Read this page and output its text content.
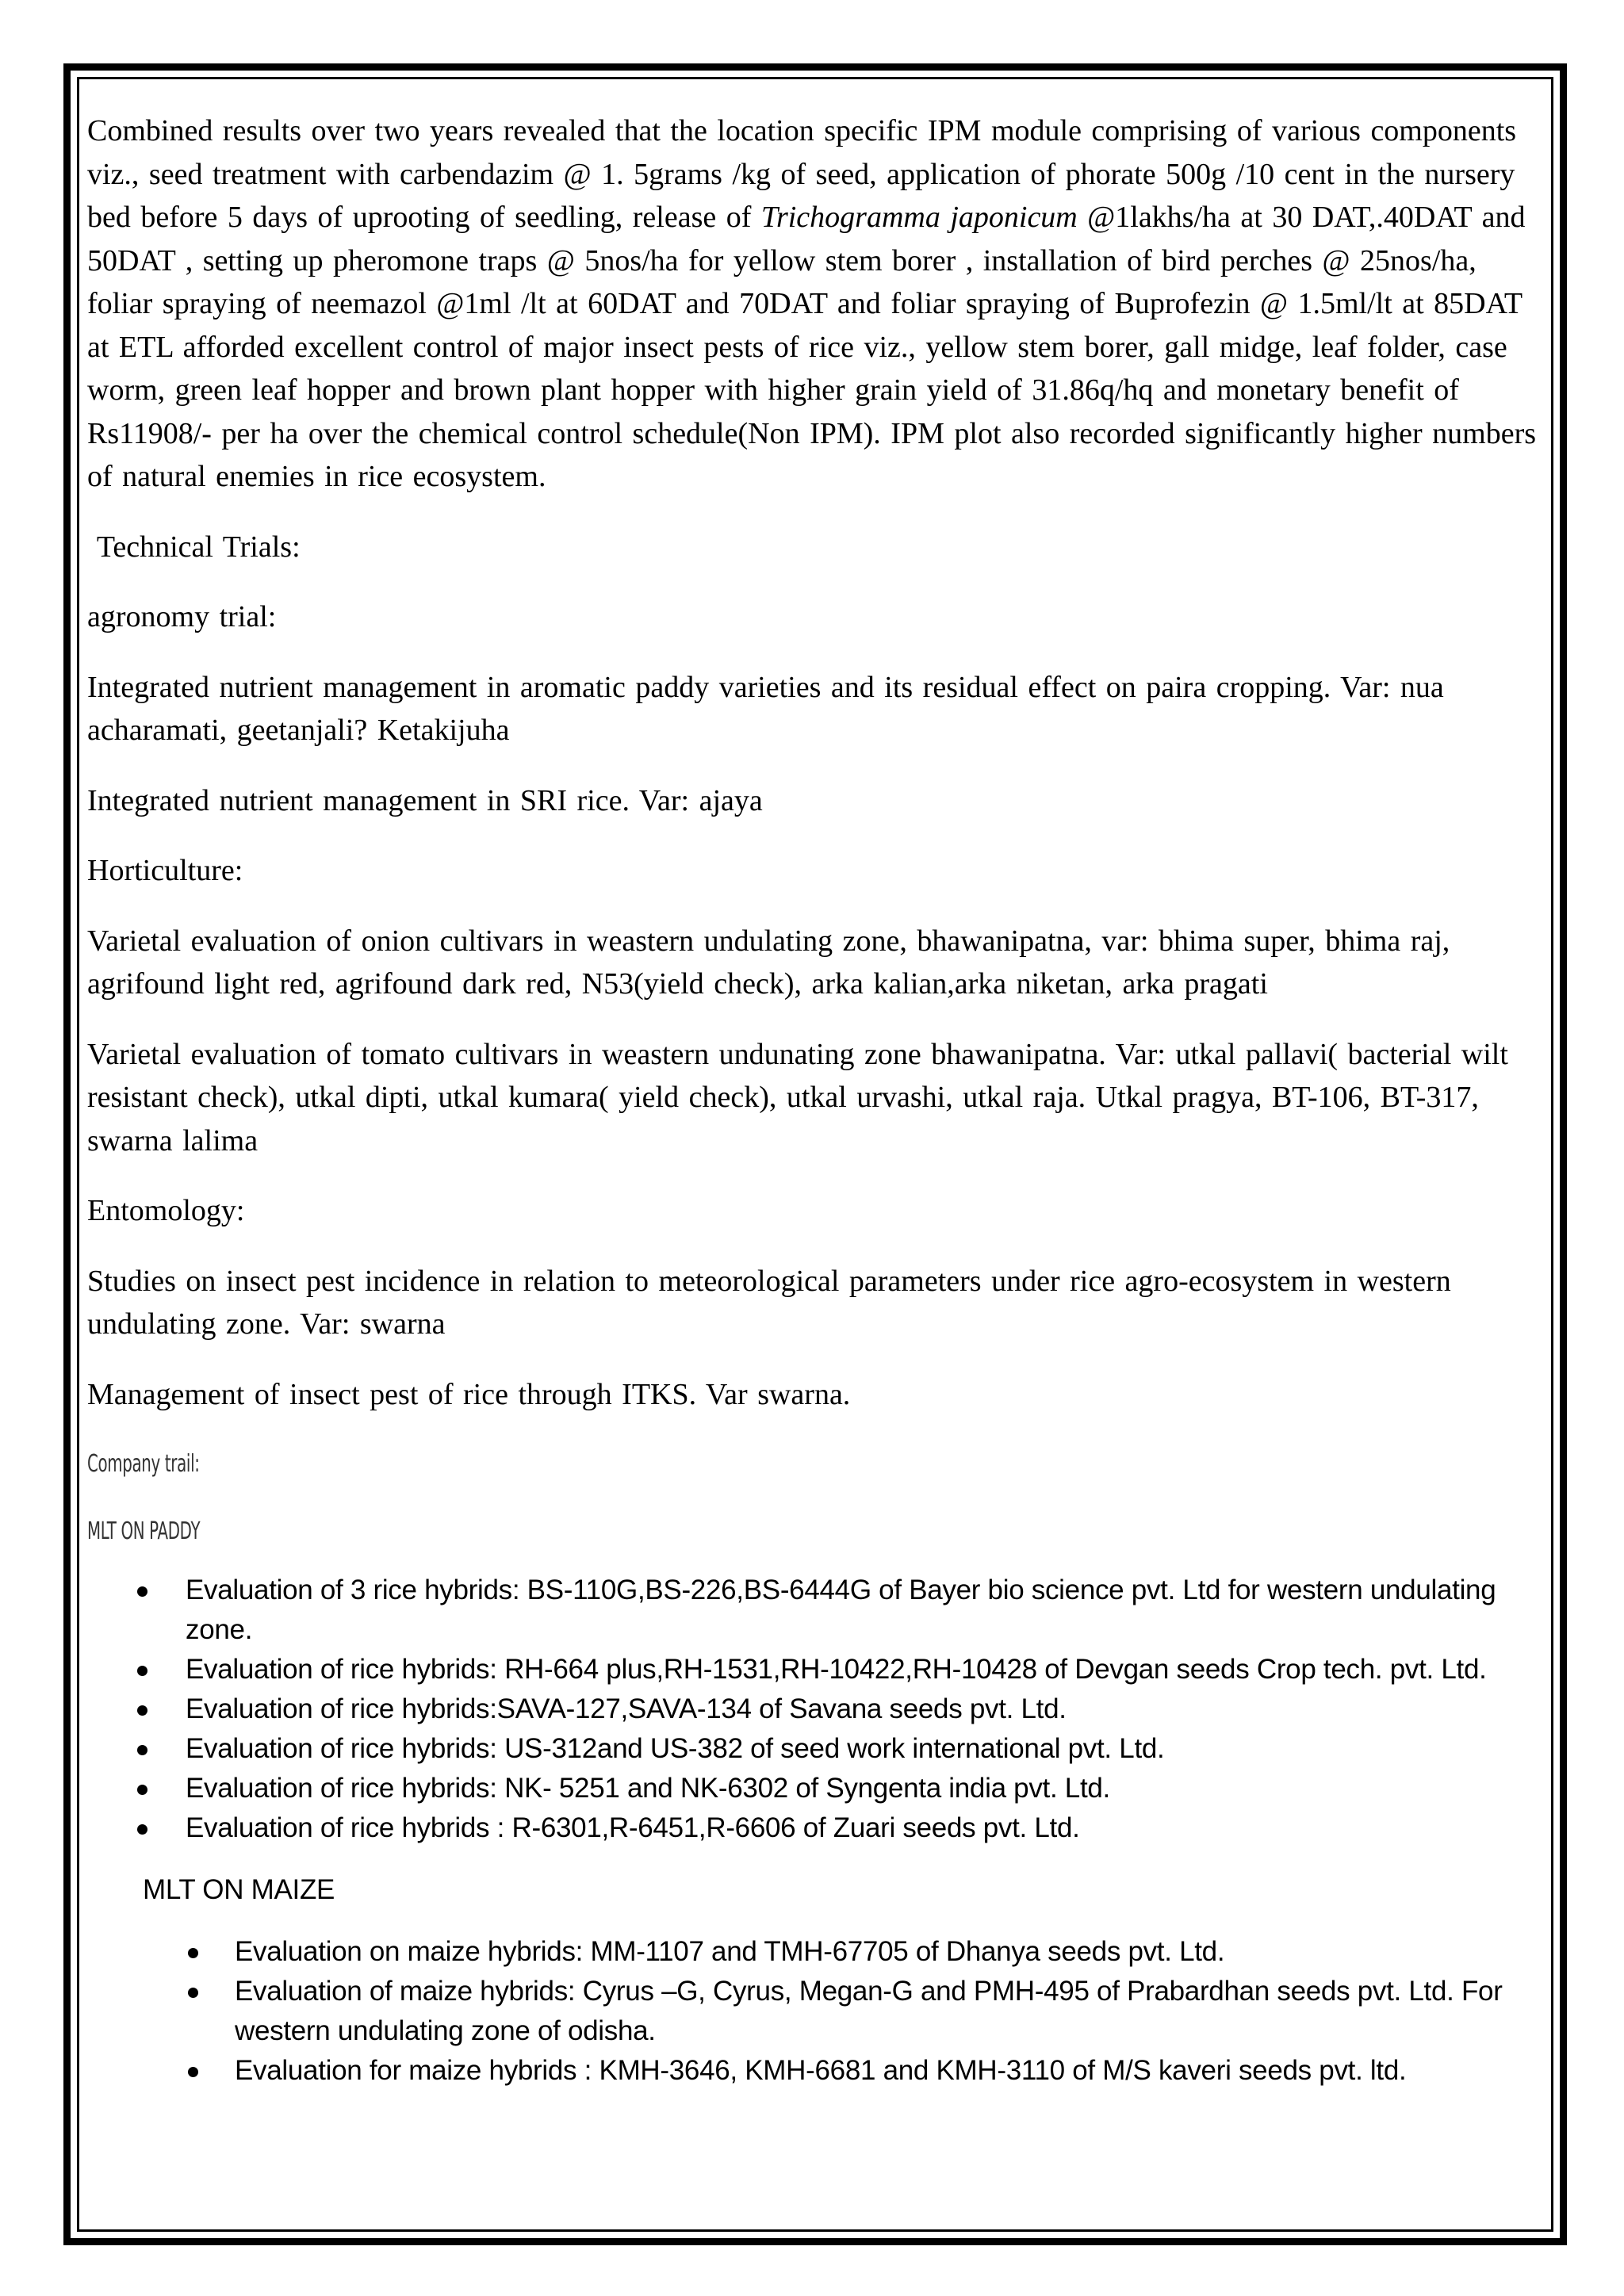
Combined results over two years revealed that the location specific IPM module comprising of various components viz., seed treatment with carbendazim @ 1. 5grams /kg of seed, application of phorate 500g /10 cent in the nursery bed before 5 days of uprooting of seedling, release of Trichogramma japonicum @1lakhs/ha at 30 DAT,.40DAT and 50DAT , setting up pheromone traps @ 5nos/ha for yellow stem borer , installation of bird perches @ 25nos/ha, foliar spraying of neemazol @1ml /lt at 60DAT and 70DAT and foliar spraying of Buprofezin @ 1.5ml/lt at 85DAT at ETL afforded excellent control of major insect pests of rice viz., yellow stem borer, gall midge, leaf folder, case worm, green leaf hopper and brown plant hopper with higher grain yield of 31.86q/hq and monetary benefit of Rs11908/- per ha over the chemical control schedule(Non IPM). IPM plot also recorded significantly higher numbers of natural enemies in rice ecosystem.

Technical Trials:

agronomy trial:

Integrated nutrient management in aromatic paddy varieties and its residual effect on paira cropping. Var: nua acharamati, geetanjali? Ketakijuha

Integrated nutrient management in SRI rice. Var: ajaya

Horticulture:

Varietal evaluation of onion cultivars in weastern undulating zone, bhawanipatna, var: bhima super, bhima raj, agrifound light red, agrifound dark red, N53(yield check), arka kalian,arka niketan, arka pragati

Varietal evaluation of tomato cultivars in weastern undunating zone bhawanipatna. Var: utkal pallavi( bacterial wilt resistant check), utkal dipti, utkal kumara( yield check), utkal urvashi, utkal raja. Utkal pragya, BT-106, BT-317, swarna lalima

Entomology:

Studies on insect pest incidence in relation to meteorological parameters under rice agro-ecosystem in western undulating zone. Var: swarna

Management of insect pest of rice through ITKS. Var swarna.

Company trail:
MLT ON PADDY
Evaluation of 3 rice hybrids: BS-110G,BS-226,BS-6444G of Bayer bio science pvt. Ltd for western undulating zone.
Evaluation of rice hybrids: RH-664 plus,RH-1531,RH-10422,RH-10428 of Devgan seeds Crop tech. pvt. Ltd.
Evaluation of rice hybrids:SAVA-127,SAVA-134 of Savana seeds pvt. Ltd.
Evaluation of rice hybrids: US-312and US-382 of seed work international pvt. Ltd.
Evaluation of rice hybrids: NK- 5251 and NK-6302 of Syngenta india pvt. Ltd.
Evaluation of rice hybrids : R-6301,R-6451,R-6606 of Zuari seeds pvt. Ltd.
MLT ON MAIZE
Evaluation on maize hybrids: MM-1107 and TMH-67705 of Dhanya seeds pvt. Ltd.
Evaluation of maize hybrids: Cyrus –G, Cyrus, Megan-G and PMH-495 of Prabardhan seeds pvt. Ltd. For western undulating zone of odisha.
Evaluation for maize hybrids : KMH-3646, KMH-6681 and KMH-3110 of M/S kaveri seeds pvt. ltd.
